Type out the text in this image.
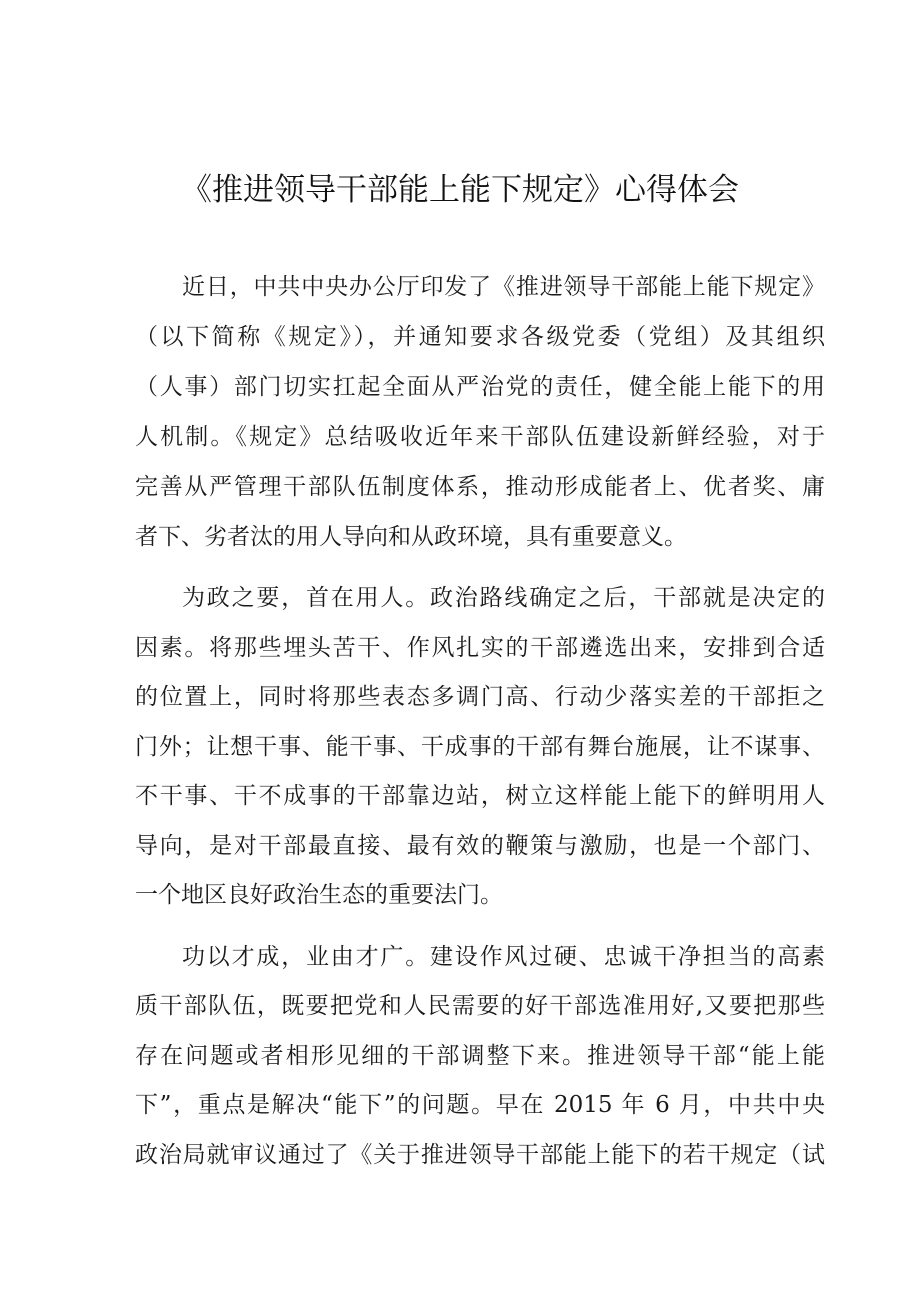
《推进领导干部能上能下规定》心得体会
近日，中共中央办公厅印发了《推进领导干部能上能下规定》
（以下简称《规定》），并通知要求各级党委（党组）及其组织
（人事）部门切实扛起全面从严治党的责任，健全能上能下的用
人机制。《规定》总结吸收近年来干部队伍建设新鲜经验，对于
完善从严管理干部队伍制度体系，推动形成能者上、优者奖、庸
者下、劣者汰的用人导向和从政环境，具有重要意义。
为政之要，首在用人。政治路线确定之后，干部就是决定的
因素。将那些埋头苦干、作风扎实的干部遴选出来，安排到合适
的位置上，同时将那些表态多调门高、行动少落实差的干部拒之
门外；让想干事、能干事、干成事的干部有舞台施展，让不谋事、
不干事、干不成事的干部靠边站，树立这样能上能下的鲜明用人
导向，是对干部最直接、最有效的鞭策与激励，也是一个部门、
一个地区良好政治生态的重要法门。
功以才成，业由才广。建设作风过硬、忠诚干净担当的高素
质干部队伍，既要把党和人民需要的好干部选准用好,又要把那些
存在问题或者相形见细的干部调整下来。推进领导干部“能上能
下”，重点是解决“能下”的问题。早在 2015 年 6 月，中共中央
政治局就审议通过了《关于推进领导干部能上能下的若干规定（试
